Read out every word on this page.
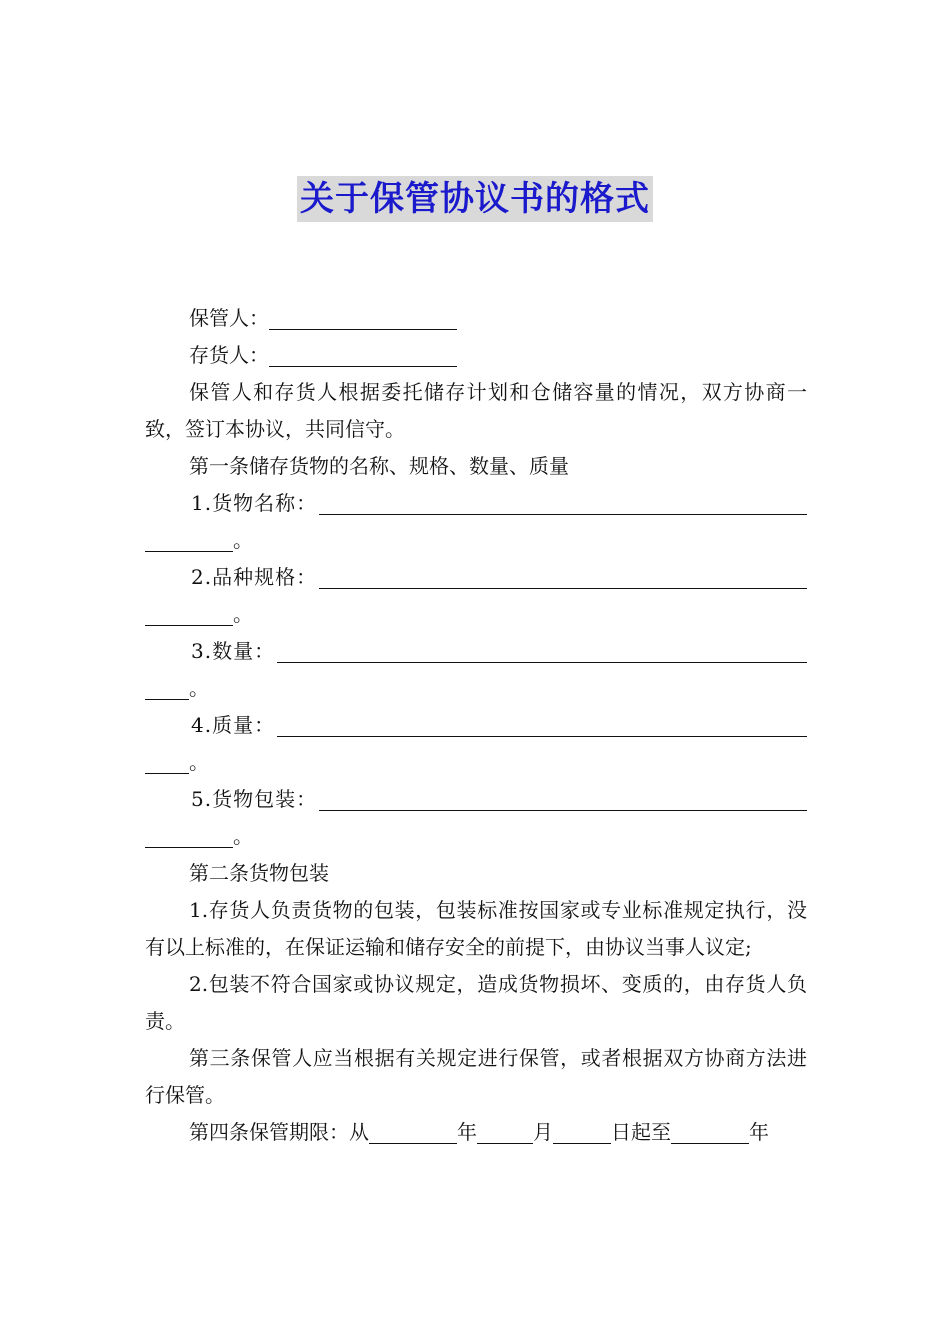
关于保管协议书的格式
保管人：
存货人：

保管人和存货人根据委托储存计划和仓储容量的情况，双方协商一致，签订本协议，共同信守。

第一条储存货物的名称、规格、数量、质量
1.货物名称：
。
2.品种规格：
。
3.数量：
。
4.质量：
。
5.货物包装：
。
第二条货物包装

1.存货人负责货物的包装，包装标准按国家或专业标准规定执行，没有以上标准的，在保证运输和储存安全的前提下，由协议当事人议定;

2.包装不符合国家或协议规定，造成货物损坏、变质的，由存货人负责。

第三条保管人应当根据有关规定进行保管，或者根据双方协商方法进行保管。

第四条保管期限：从	年	月	日起至	年
